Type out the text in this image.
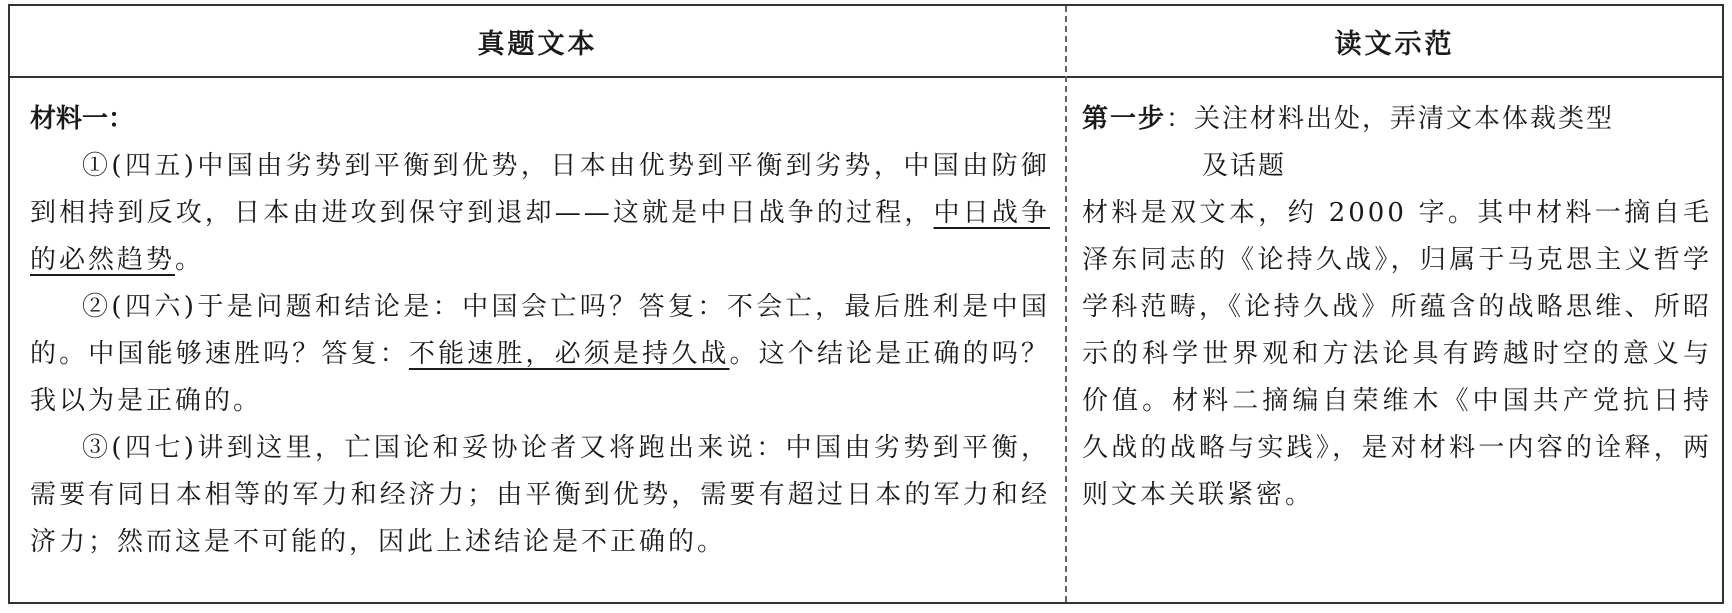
真题文本	读文示范
材料一：

①(四五)中国由劣势到平衡到优势，日本由优势到平衡到劣势，中国由防御到相持到反攻，日本由进攻到保守到退却——这就是中日战争的过程，中日战争的必然趋势。

②(四六)于是问题和结论是：中国会亡吗？答复：不会亡，最后胜利是中国的。中国能够速胜吗？答复：不能速胜，必须是持久战。这个结论是正确的吗？我以为是正确的。

③(四七)讲到这里，亡国论和妥协论者又将跑出来说：中国由劣势到平衡，需要有同日本相等的军力和经济力；由平衡到优势，需要有超过日本的军力和经济力；然而这是不可能的，因此上述结论是不正确的。

第一步：关注材料出处，弄清文本体裁类型
及话题

材料是双文本，约 2000 字。其中材料一摘自毛泽东同志的《论持久战》，归属于马克思主义哲学学科范畴，《论持久战》所蕴含的战略思维、所昭示的科学世界观和方法论具有跨越时空的意义与价值。材料二摘编自荣维木《中国共产党抗日持久战的战略与实践》，是对材料一内容的诠释，两则文本关联紧密。
